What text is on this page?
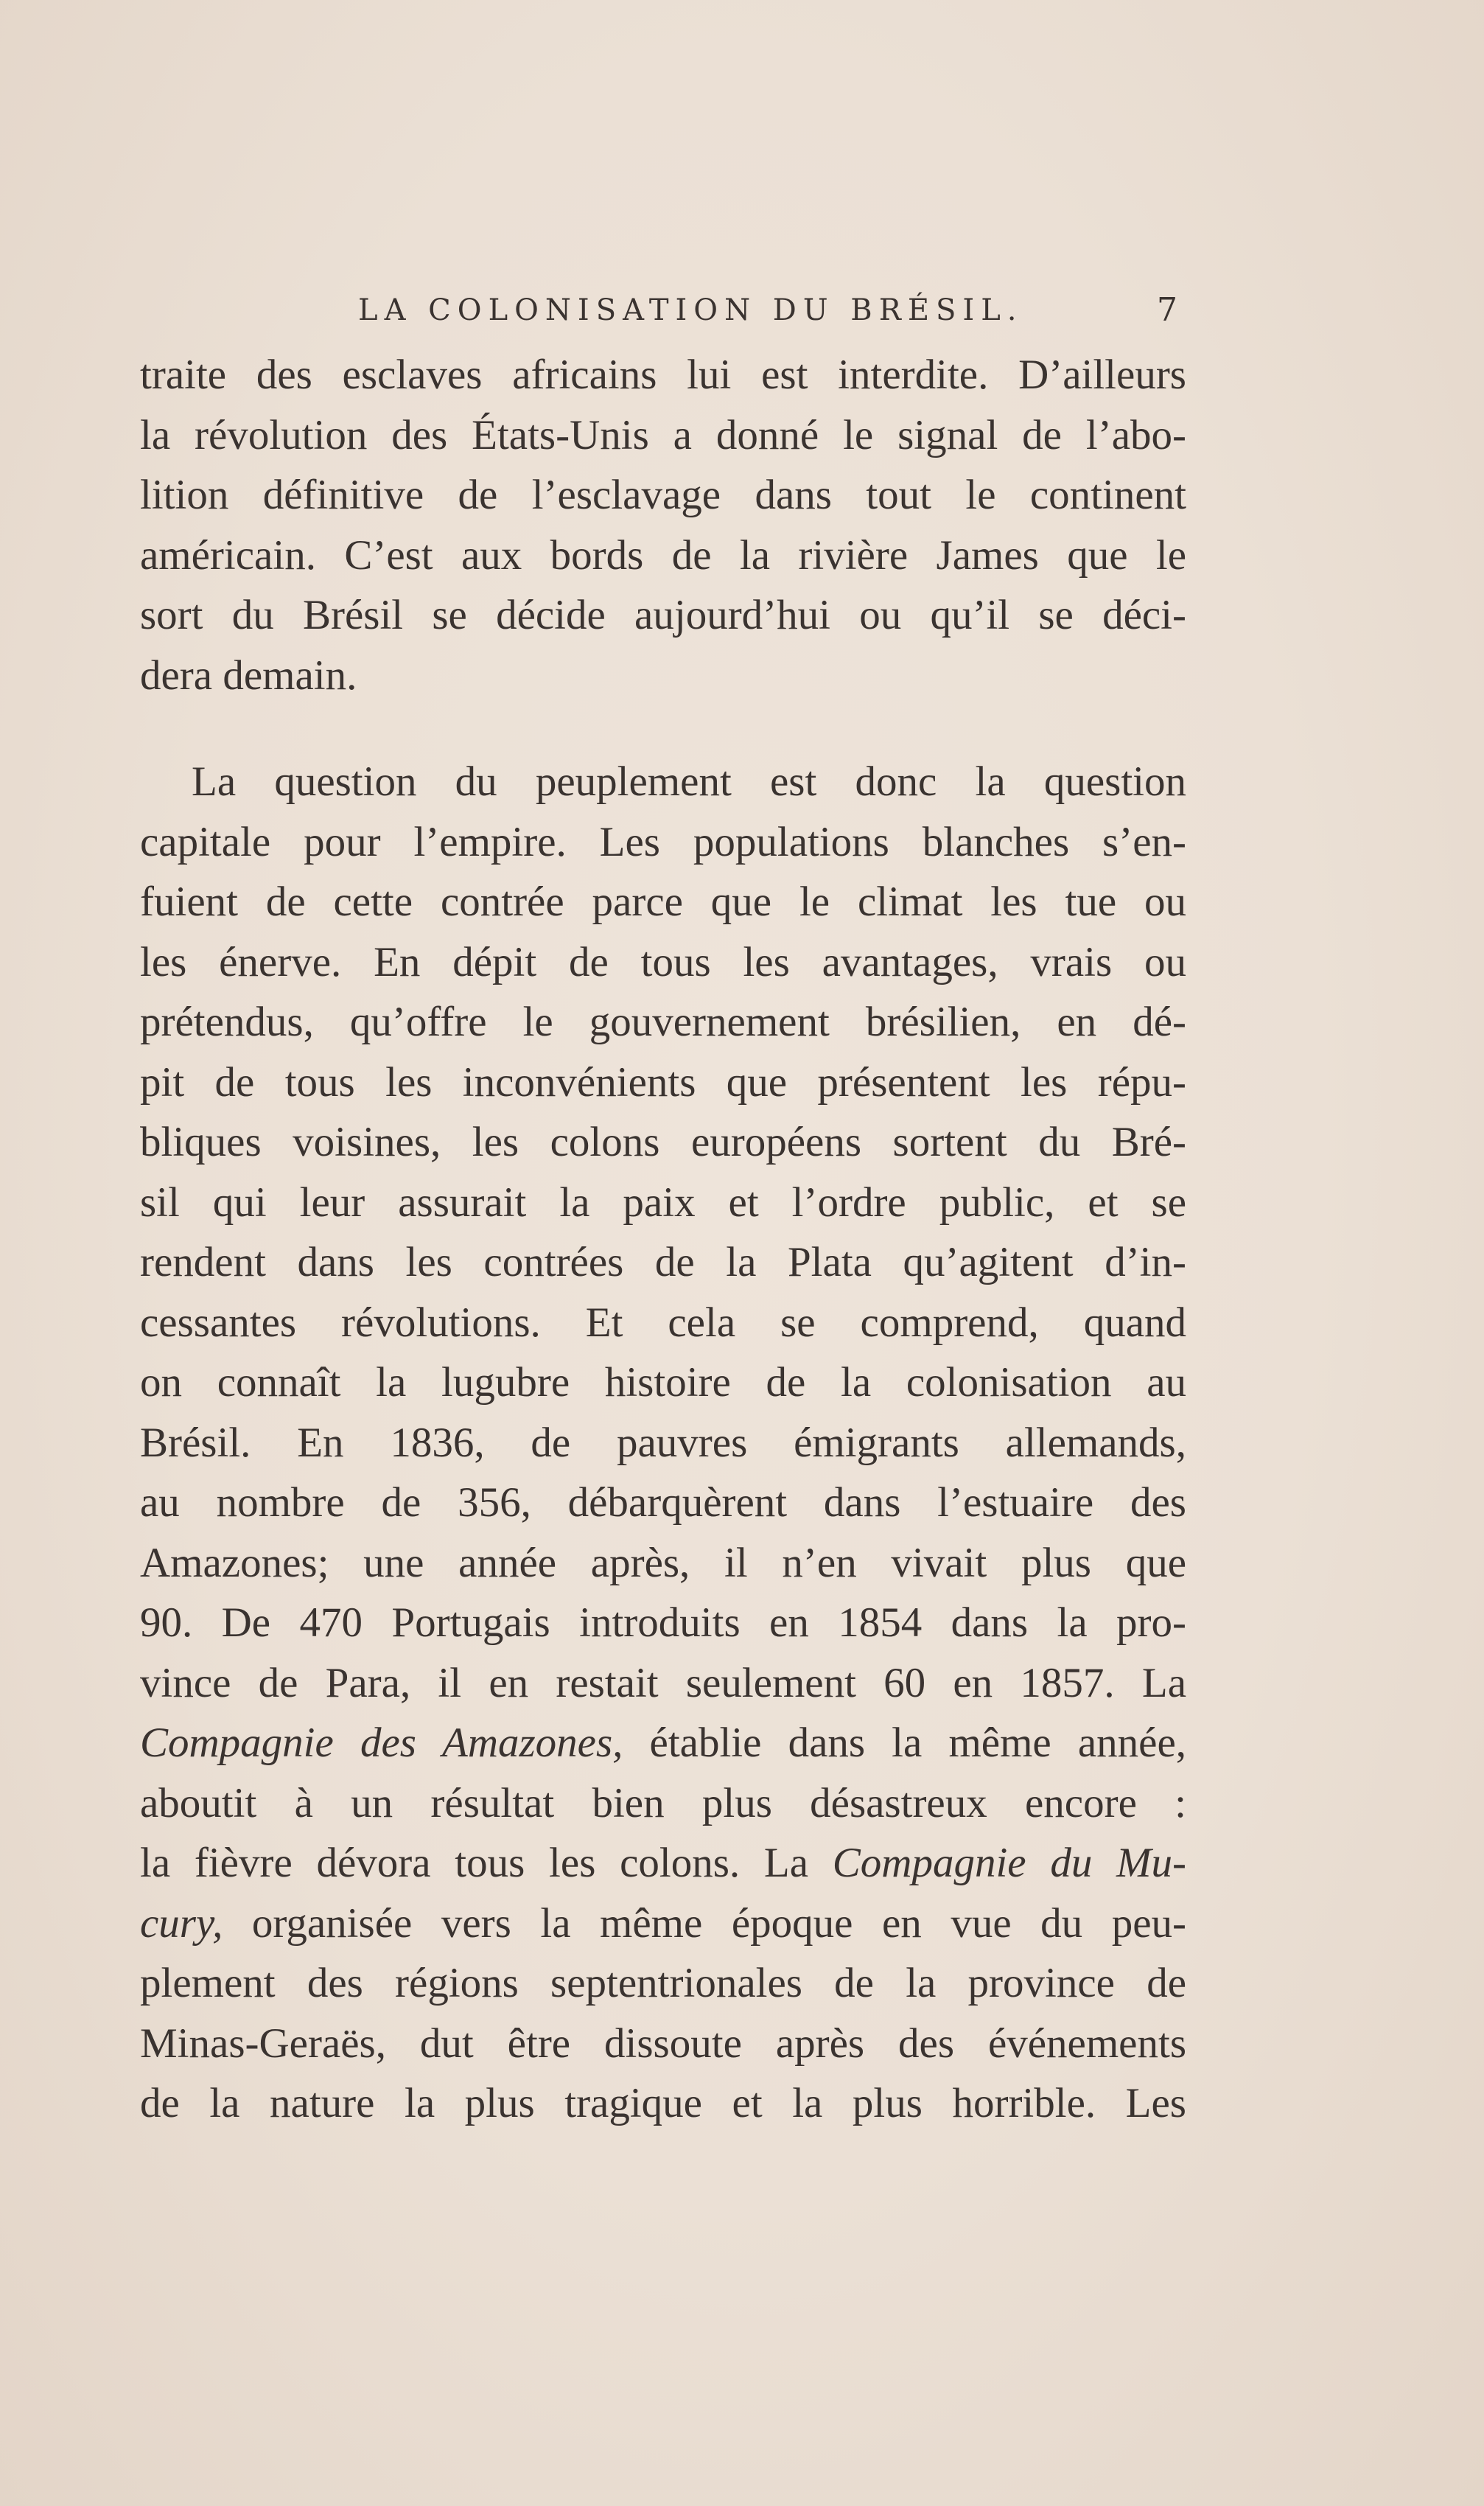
LA COLONISATION DU BRÉSIL.	7
traite des esclaves africains lui est interdite. D’ailleurs
la révolution des États-Unis a donné le signal de l’abo-
lition définitive de l’esclavage dans tout le continent
américain. C’est aux bords de la rivière James que le
sort du Brésil se décide aujourd’hui ou qu’il se déci-
dera demain.
La question du peuplement est donc la question
capitale pour l’empire. Les populations blanches s’en-
fuient de cette contrée parce que le climat les tue ou
les énerve. En dépit de tous les avantages, vrais ou
prétendus, qu’offre le gouvernement brésilien, en dé-
pit de tous les inconvénients que présentent les répu-
bliques voisines, les colons européens sortent du Bré-
sil qui leur assurait la paix et l’ordre public, et se
rendent dans les contrées de la Plata qu’agitent d’in-
cessantes révolutions. Et cela se comprend, quand
on connaît la lugubre histoire de la colonisation au
Brésil. En 1836, de pauvres émigrants allemands,
au nombre de 356, débarquèrent dans l’estuaire des
Amazones; une année après, il n’en vivait plus que
90. De 470 Portugais introduits en 1854 dans la pro-
vince de Para, il en restait seulement 60 en 1857. La
Compagnie des Amazones, établie dans la même année,
aboutit à un résultat bien plus désastreux encore :
la fièvre dévora tous les colons. La Compagnie du Mu-
cury, organisée vers la même époque en vue du peu-
plement des régions septentrionales de la province de
Minas-Geraës, dut être dissoute après des événements
de la nature la plus tragique et la plus horrible. Les
